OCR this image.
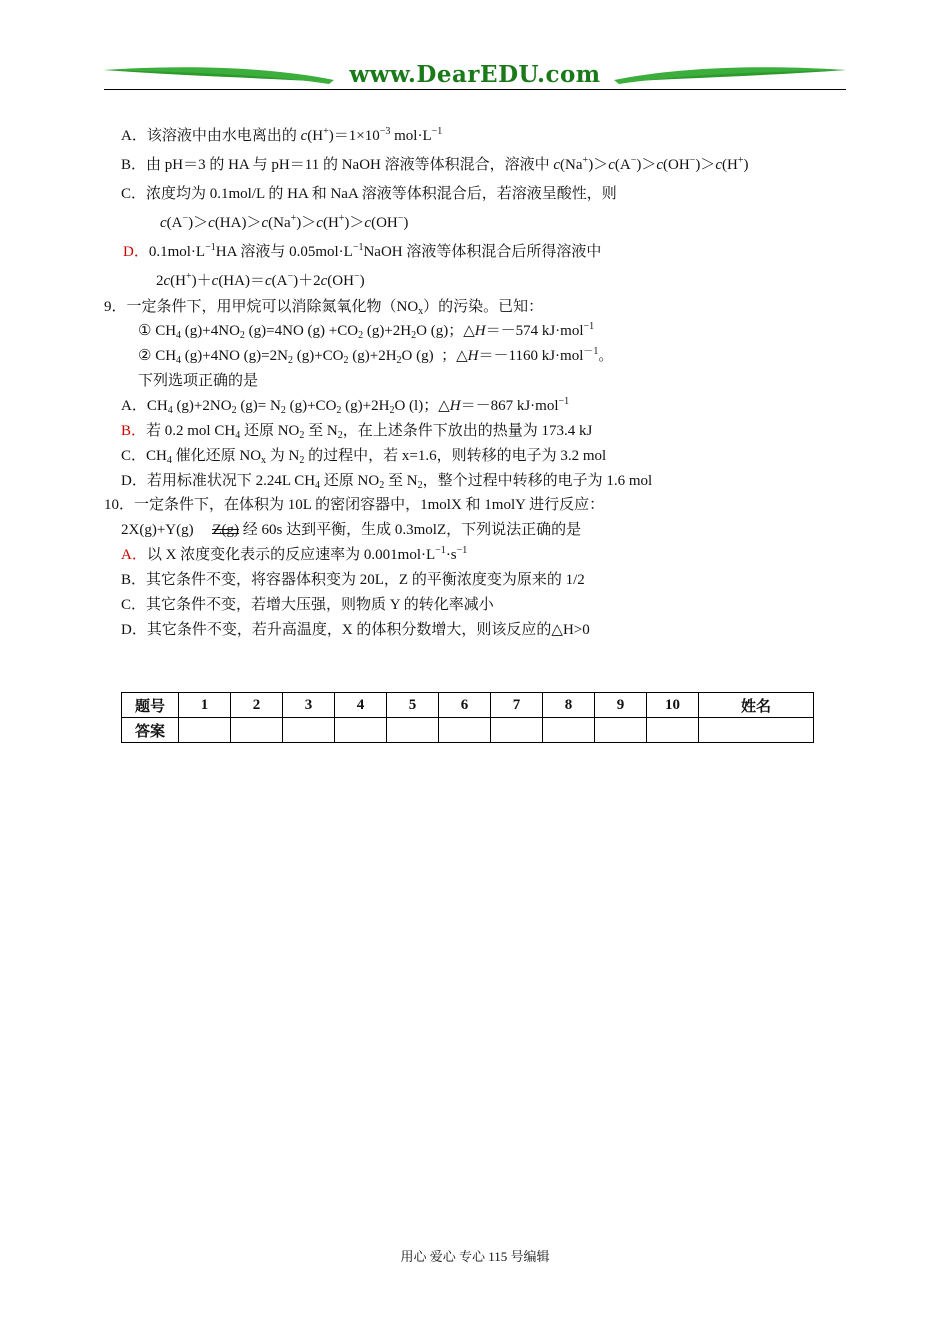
www.DearEDU.com
A．该溶液中由水电离出的 $c(H^+)=1\times 10^{-3}$ $mol\cdot L^{-1}$
B．由 pH＝3 的 HA 与 pH＝11 的 NaOH 溶液等体积混合，溶液中 c(Na+)＞c(A−)＞c(OH−)＞c(H+)
C．浓度均为 0.1mol/L 的 HA 和 NaA 溶液等体积混合后，若溶液呈酸性，则
c(A−)＞c(HA)＞c(Na+)＞c(H+)＞c(OH−)
D．$0.1mol\cdot L^{-1}HA$ 溶液与 $0.05mol\cdot L^{-1}NaOH$ 溶液等体积混合后所得溶液中
2c(H+)＋c(HA)＝c(A−)＋2c(OH−)
9．一定条件下，用甲烷可以消除氮氧化物$(NO_x)$的污染。已知：
① $CH_4$ $(g)+4NO_2$ (g)=4NO $(g) +CO_2$ $(g)+2H_2O$ (g)；△H＝－574 kJ·mol$^{-1}$
② $CH_4$ (g)+4NO $(g)=2N_2$ $(g)+CO_2$ $(g)+2H_2O$ (g)  ；△H＝－1160 kJ·mol$^{-1}$。
下列选项正确的是
A．$CH_4$ $(g)+2NO_2$ $(g)= N_2$ $(g)+CO_2$ $(g)+2H_2O$ (l)；△H＝－867 kJ·mol$^{-1}$
B．若 0.2 mol $CH_4$ 还原 $NO_2$ 至 $N_2$，在上述条件下放出的热量为 173.4 kJ
C．$CH_4$ 催化还原 $NO_x$ 为 $N_2$ 的过程中，若 x=1.6，则转移的电子为 3.2 mol
D．若用标准状况下 2.24L $CH_4$ 还原 $NO_2$ 至 $N_2$，整个过程中转移的电子为 1.6 mol
10．一定条件下，在体积为 10L 的密闭容器中，1molX 和 1molY 进行反应：
2X(g)+Y(g) Z(g) 经 60s 达到平衡，生成 0.3molZ，下列说法正确的是
A．以 X 浓度变化表示的反应速率为 $0.001mol\cdot L^{-1}\cdot s^{-1}$
B．其它条件不变，将容器体积变为 20L，Z 的平衡浓度变为原来的 1/2
C．其它条件不变，若增大压强，则物质 Y 的转化率减小
D．其它条件不变，若升高温度，X 的体积分数增大，则该反应的△H>0
题号	1	2	3	4	5	6	7	8	9	10	姓名
答案											
用心 爱心 专心 115 号编辑
